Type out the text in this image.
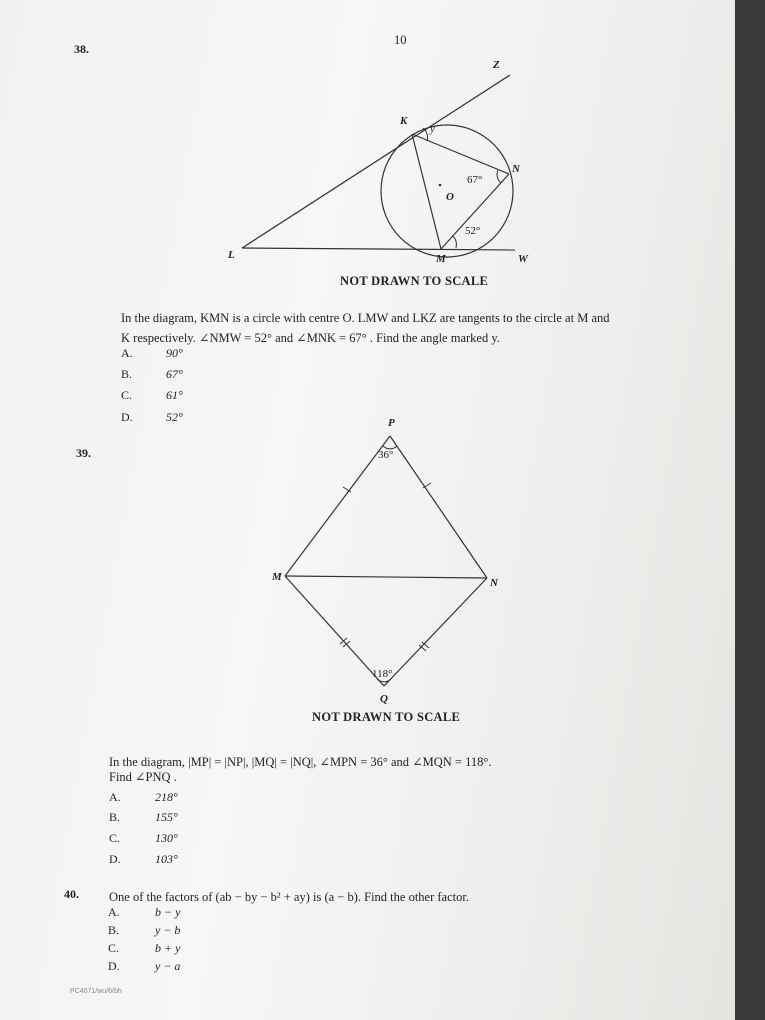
10
38.
K
Z
N
O
M
L	W
y
67°
52°
NOT DRAWN TO SCALE
In the diagram, KMN is a circle with centre O. LMW and LKZ are tangents to the circle at M and
K respectively. ∠NMW = 52° and ∠MNK = 67° . Find the angle marked y.
A.	90°
B.	67°
C.	61°
D.	52°
39.
P
M	N
Q
36°
118°
NOT DRAWN TO SCALE
In the diagram, |MP| = |NP|, |MQ| = |NQ|, ∠MPN = 36° and ∠MQN = 118°.
Find ∠PNQ .
A.	218°
B.	155°
C.	130°
D.	103°
40. One of the factors of (ab − by − b² + ay) is (a − b). Find the other factor.
A.	b − y
B.	y − b
C.	b + y
D.	y − a
PC4071/wu/6/bh
